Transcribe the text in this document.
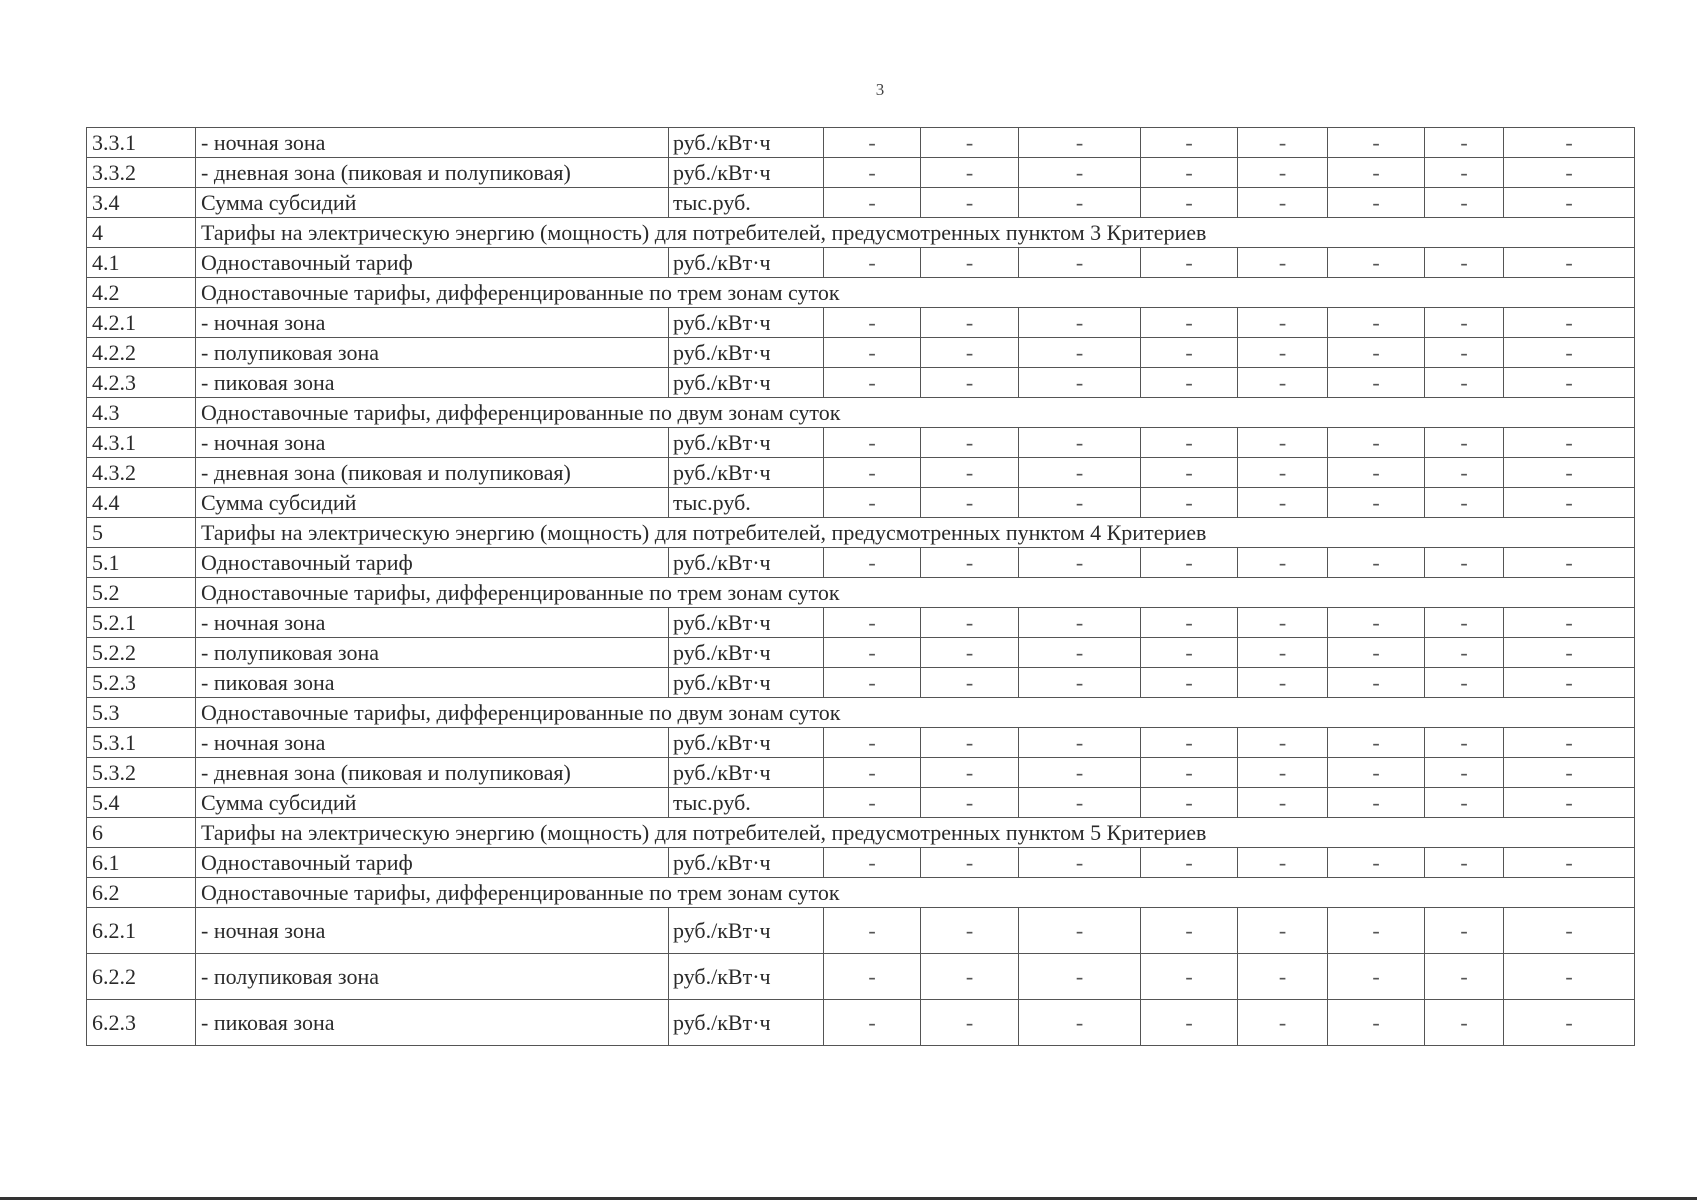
3
3.3.1	- ночная зона	руб./кВт·ч	-	-	-	-	-	-	-	-
3.3.2	- дневная зона (пиковая и полупиковая)	руб./кВт·ч	-	-	-	-	-	-	-	-
3.4	Сумма субсидий	тыс.руб.	-	-	-	-	-	-	-	-
4	Тарифы на электрическую энергию (мощность) для потребителей, предусмотренных пунктом 3 Критериев									
4.1	Одноставочный тариф	руб./кВт·ч	-	-	-	-	-	-	-	-
4.2	Одноставочные тарифы, дифференцированные по трем зонам суток									
4.2.1	- ночная зона	руб./кВт·ч	-	-	-	-	-	-	-	-
4.2.2	- полупиковая зона	руб./кВт·ч	-	-	-	-	-	-	-	-
4.2.3	- пиковая зона	руб./кВт·ч	-	-	-	-	-	-	-	-
4.3	Одноставочные тарифы, дифференцированные по двум зонам суток									
4.3.1	- ночная зона	руб./кВт·ч	-	-	-	-	-	-	-	-
4.3.2	- дневная зона (пиковая и полупиковая)	руб./кВт·ч	-	-	-	-	-	-	-	-
4.4	Сумма субсидий	тыс.руб.	-	-	-	-	-	-	-	-
5	Тарифы на электрическую энергию (мощность) для потребителей, предусмотренных пунктом 4 Критериев									
5.1	Одноставочный тариф	руб./кВт·ч	-	-	-	-	-	-	-	-
5.2	Одноставочные тарифы, дифференцированные по трем зонам суток									
5.2.1	- ночная зона	руб./кВт·ч	-	-	-	-	-	-	-	-
5.2.2	- полупиковая зона	руб./кВт·ч	-	-	-	-	-	-	-	-
5.2.3	- пиковая зона	руб./кВт·ч	-	-	-	-	-	-	-	-
5.3	Одноставочные тарифы, дифференцированные по двум зонам суток									
5.3.1	- ночная зона	руб./кВт·ч	-	-	-	-	-	-	-	-
5.3.2	- дневная зона (пиковая и полупиковая)	руб./кВт·ч	-	-	-	-	-	-	-	-
5.4	Сумма субсидий	тыс.руб.	-	-	-	-	-	-	-	-
6	Тарифы на электрическую энергию (мощность) для потребителей, предусмотренных пунктом 5 Критериев									
6.1	Одноставочный тариф	руб./кВт·ч	-	-	-	-	-	-	-	-
6.2	Одноставочные тарифы, дифференцированные по трем зонам суток									
6.2.1	- ночная зона	руб./кВт·ч	-	-	-	-	-	-	-	-
6.2.2	- полупиковая зона	руб./кВт·ч	-	-	-	-	-	-	-	-
6.2.3	- пиковая зона	руб./кВт·ч	-	-	-	-	-	-	-	-
